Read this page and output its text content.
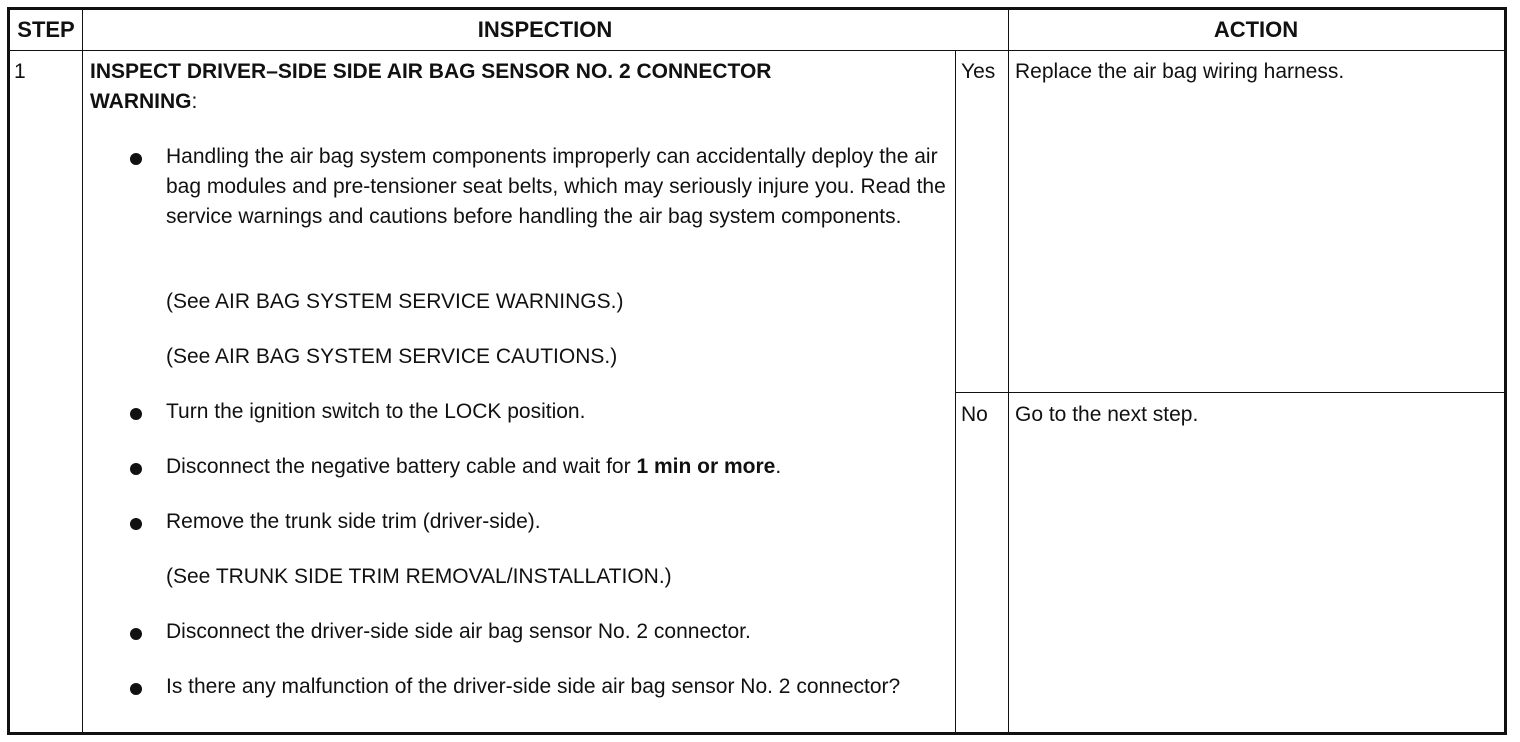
STEP	INSPECTION	ACTION
1	INSPECT DRIVER–SIDE SIDE AIR BAG SENSOR NO. 2 CONNECTOR
WARNING:
Handling the air bag system components improperly can accidentally deploy the air bag modules and pre-tensioner seat belts, which may seriously injure you. Read the service warnings and cautions before handling the air bag system components.
(See AIR BAG SYSTEM SERVICE WARNINGS.)
(See AIR BAG SYSTEM SERVICE CAUTIONS.)
Turn the ignition switch to the LOCK position.
Disconnect the negative battery cable and wait for 1 min or more.
Remove the trunk side trim (driver-side).
(See TRUNK SIDE TRIM REMOVAL/INSTALLATION.)
Disconnect the driver-side side air bag sensor No. 2 connector.
Is there any malfunction of the driver-side side air bag sensor No. 2 connector?
Yes Replace the air bag wiring harness.
No Go to the next step.
